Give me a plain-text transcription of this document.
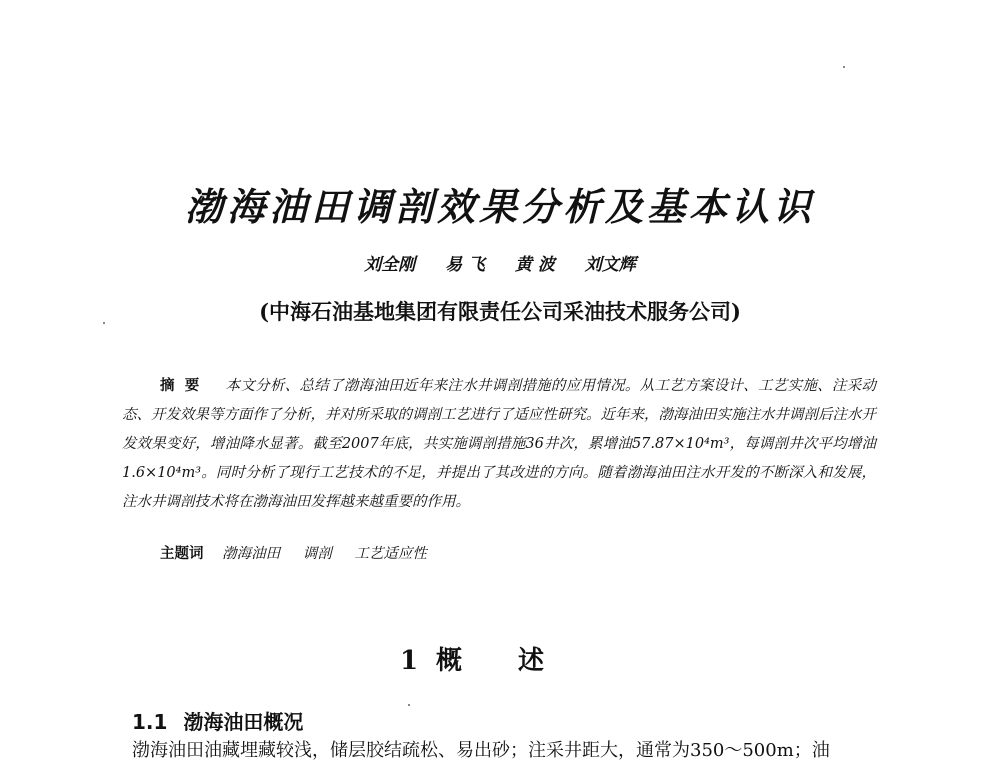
渤海油田调剖效果分析及基本认识
刘全刚 易 飞 黄 波 刘文辉
(中海石油基地集团有限责任公司采油技术服务公司)
摘要 本文分析、总结了渤海油田近年来注水井调剖措施的应用情况。从工艺方案设计、工艺实施、注采动态、开发效果等方面作了分析，并对所采取的调剖工艺进行了适应性研究。近年来，渤海油田实施注水井调剖后注水开发效果变好，增油降水显著。截至2007年底，共实施调剖措施36井次，累增油57.87×10⁴m³，每调剖井次平均增油1.6×10⁴m³。同时分析了现行工艺技术的不足，并提出了其改进的方向。随着渤海油田注水开发的不断深入和发展，注水井调剖技术将在渤海油田发挥越来越重要的作用。
主题词 渤海油田 调剖 工艺适应性
1 概述
1.1 渤海油田概况
渤海油田油藏埋藏较浅，储层胶结疏松、易出砂；注采井距大，通常为350～500m；油
